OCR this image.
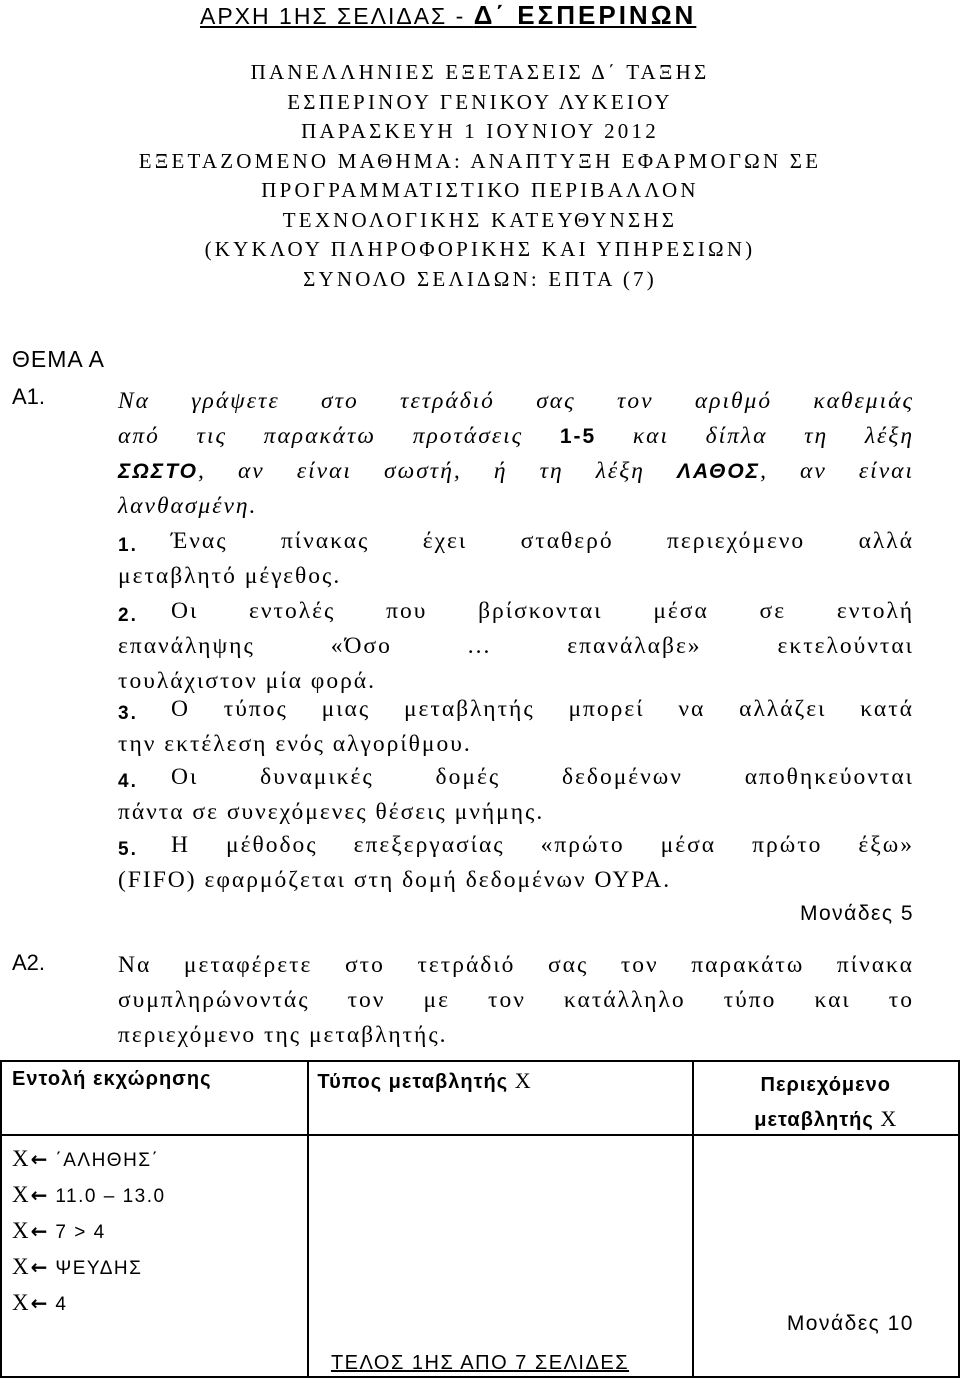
ΑΡΧΗ 1ΗΣ ΣΕΛΙΔΑΣ - Δ΄ ΕΣΠΕΡΙΝΩΝ
ΠΑΝΕΛΛΗΝΙΕΣ ΕΞΕΤΑΣΕΙΣ Δ΄ ΤΑΞΗΣ
ΕΣΠΕΡΙΝΟΥ ΓΕΝΙΚΟΥ ΛΥΚΕΙΟΥ
ΠΑΡΑΣΚΕΥΗ 1 ΙΟΥΝΙΟΥ 2012
ΕΞΕΤΑΖΟΜΕΝΟ ΜΑΘΗΜΑ: ΑΝΑΠΤΥΞΗ ΕΦΑΡΜΟΓΩΝ ΣΕ
ΠΡΟΓΡΑΜΜΑΤΙΣΤΙΚΟ ΠΕΡΙΒΑΛΛΟΝ
ΤΕΧΝΟΛΟΓΙΚΗΣ ΚΑΤΕΥΘΥΝΣΗΣ
(ΚΥΚΛΟΥ ΠΛΗΡΟΦΟΡΙΚΗΣ ΚΑΙ ΥΠΗΡΕΣΙΩΝ)
ΣΥΝΟΛΟ ΣΕΛΙΔΩΝ: ΕΠΤΑ (7)
ΘΕΜΑ Α
Α1.	Να γράψετε στο τετράδιό σας τον αριθμό καθεμιάς
από τις παρακάτω προτάσεις 1-5 και δίπλα τη λέξη
ΣΩΣΤΟ, αν είναι σωστή, ή τη λέξη ΛΑΘΟΣ, αν είναι
λανθασμένη.
1. Ένας πίνακας έχει σταθερό περιεχόμενο αλλά
μεταβλητό μέγεθος.
2. Οι εντολές που βρίσκονται μέσα σε εντολή
επανάληψης «Όσο ... επανάλαβε» εκτελούνται
τουλάχιστον μία φορά.
3. Ο τύπος μιας μεταβλητής μπορεί να αλλάζει κατά
την εκτέλεση ενός αλγορίθμου.
4. Οι δυναμικές δομές δεδομένων αποθηκεύονται
πάντα σε συνεχόμενες θέσεις μνήμης.
5. Η μέθοδος επεξεργασίας «πρώτο μέσα πρώτο έξω»
(FIFO) εφαρμόζεται στη δομή δεδομένων ΟΥΡΑ.
Μονάδες 5
Α2.	Να μεταφέρετε στο τετράδιό σας τον παρακάτω πίνακα
συμπληρώνοντάς τον με τον κατάλληλο τύπο και το
περιεχόμενο της μεταβλητής.
Εντολή εκχώρησης	Τύπος μεταβλητής Χ	Περιεχόμενο
μεταβλητής Χ

Χ ← ΄ΑΛΗΘΗΣ΄
Χ ← 11.0 – 13.0
Χ ← 7 > 4
Χ ← ΨΕΥΔΗΣ
Χ ← 4		

Μονάδες 10
ΤΕΛΟΣ 1ΗΣ ΑΠΟ 7 ΣΕΛΙΔΕΣ
